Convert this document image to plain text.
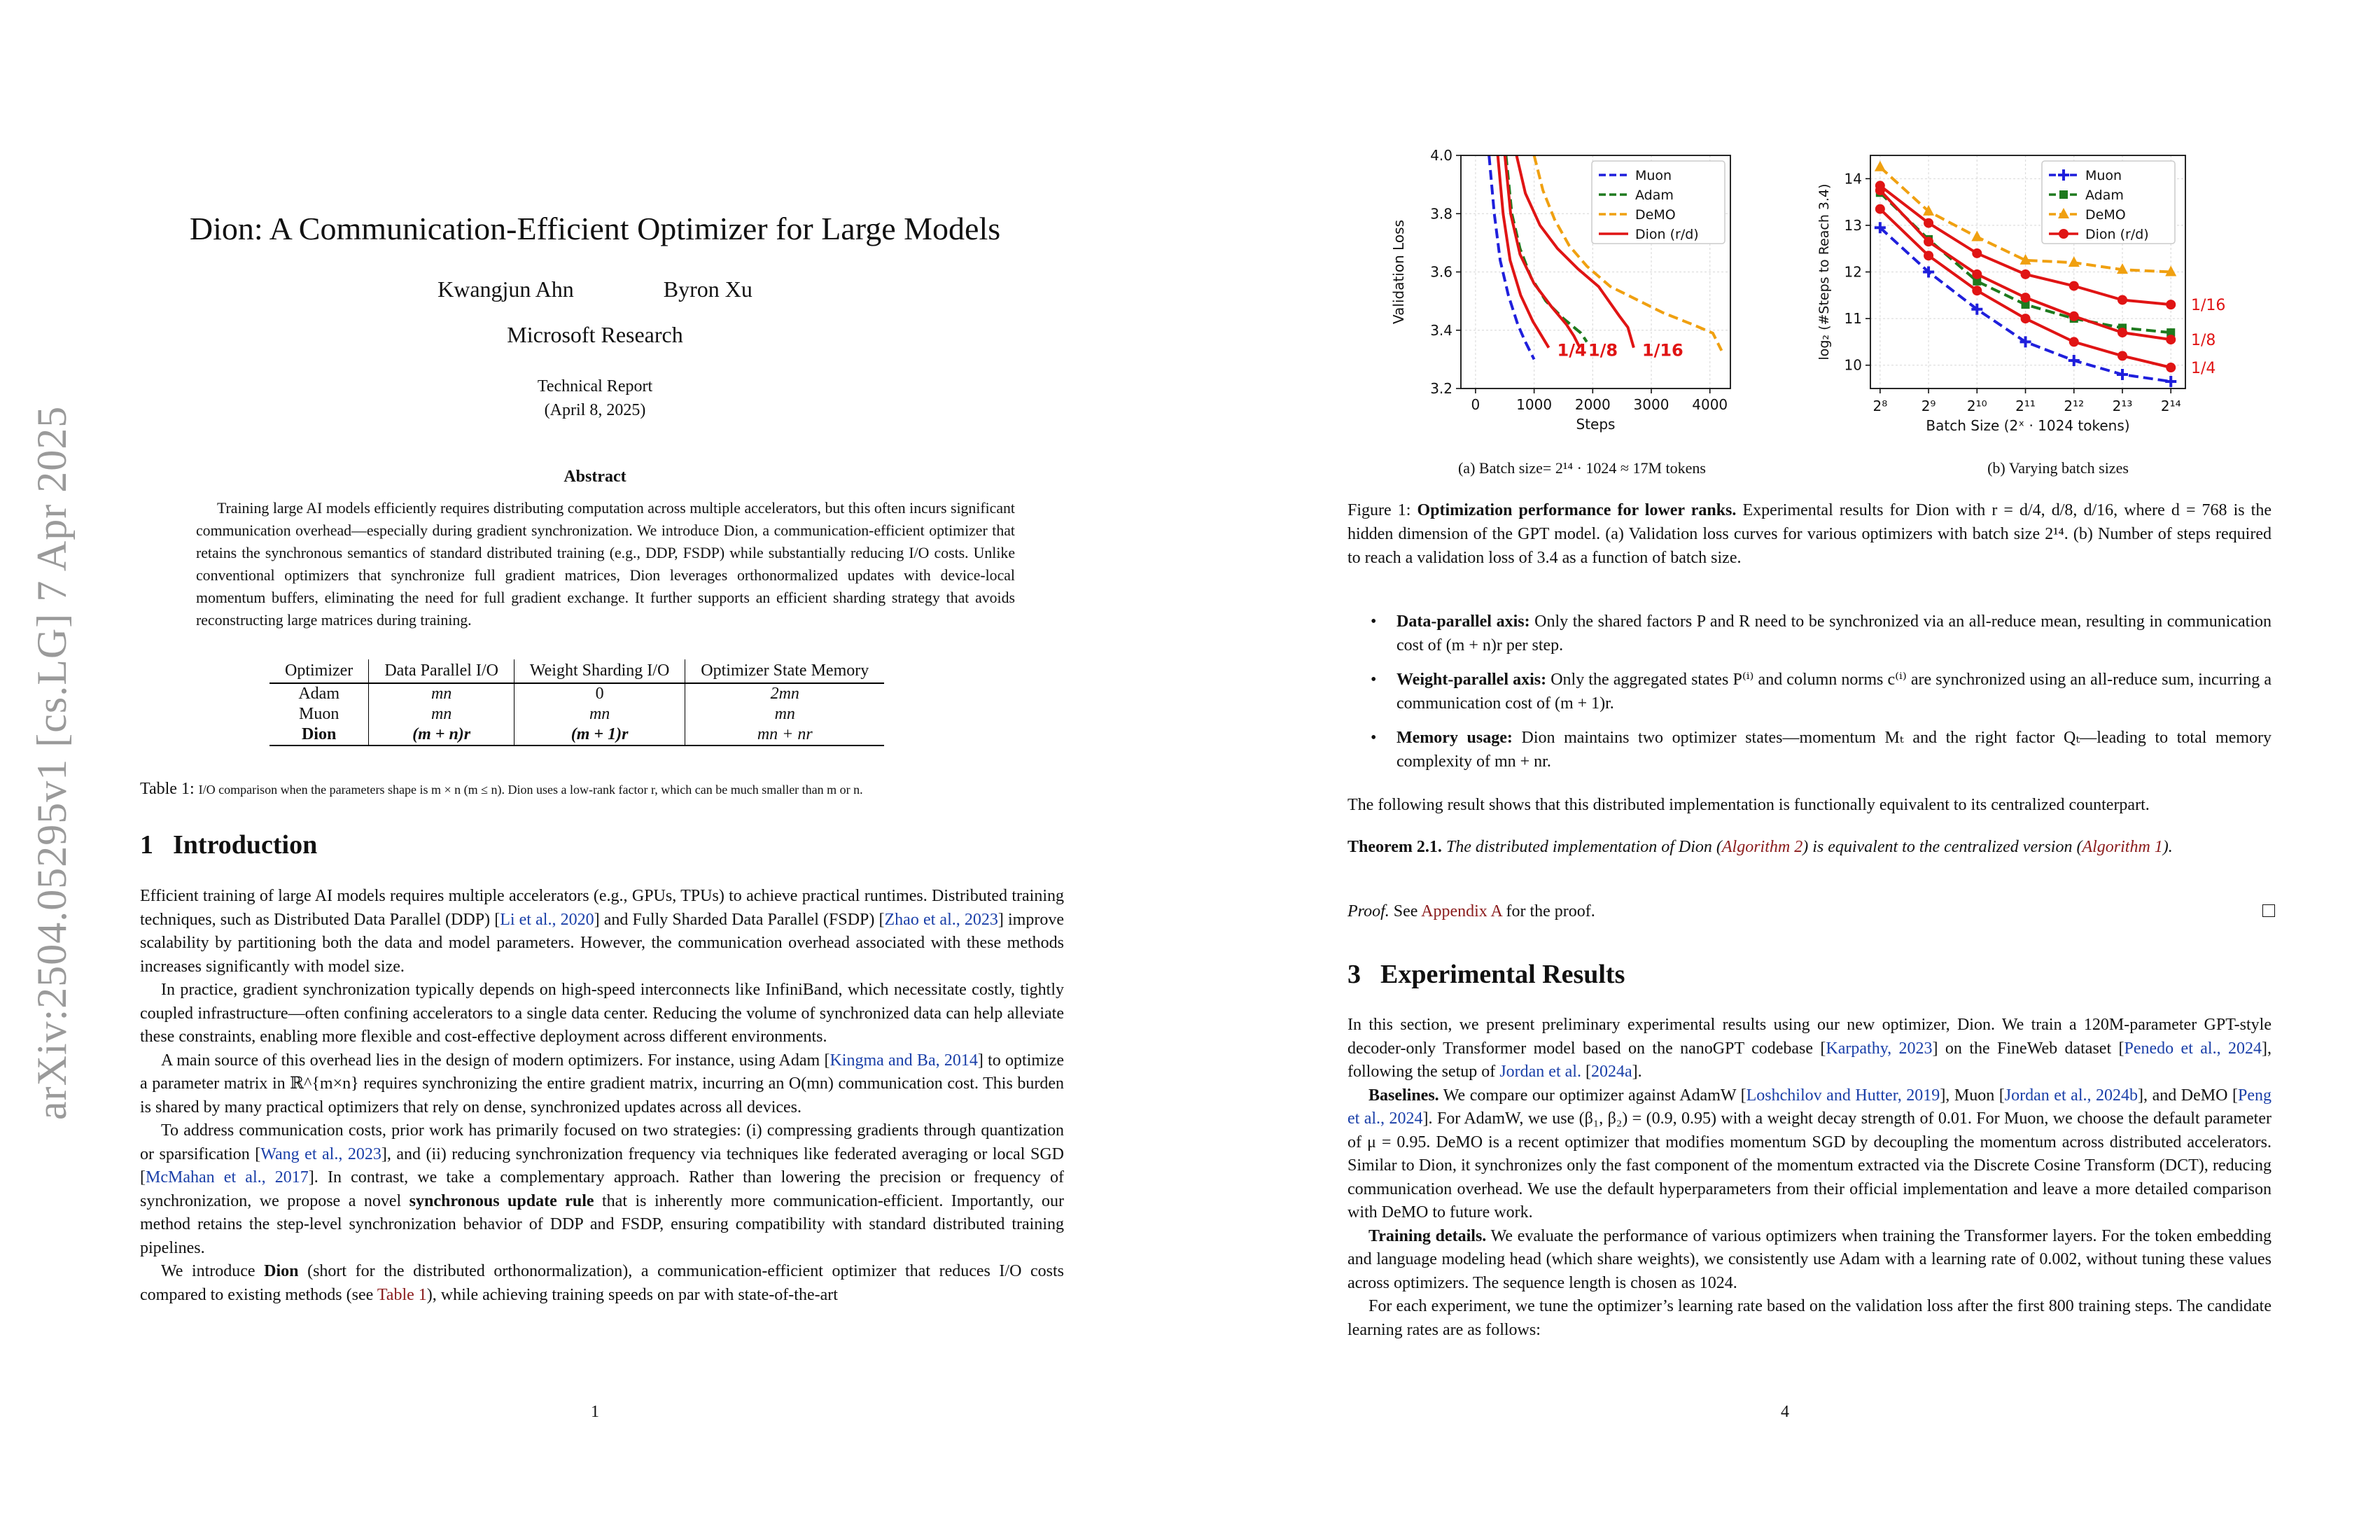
arXiv:2504.05295v1 [cs.LG] 7 Apr 2025
Dion: A Communication-Efficient Optimizer for Large Models
Kwangjun Ahn	Byron Xu
Microsoft Research
Technical Report
(April 8, 2025)
Abstract
Training large AI models efficiently requires distributing computation across multiple accelerators, but this often incurs significant communication overhead—especially during gradient synchronization. We introduce Dion, a communication-efficient optimizer that retains the synchronous semantics of standard distributed training (e.g., DDP, FSDP) while substantially reducing I/O costs. Unlike conventional optimizers that synchronize full gradient matrices, Dion leverages orthonormalized updates with device-local momentum buffers, eliminating the need for full gradient exchange. It further supports an efficient sharding strategy that avoids reconstructing large matrices during training.
Optimizer	Data Parallel I/O	Weight Sharding I/O	Optimizer State Memory
Adam	mn	0	2mn
Muon	mn	mn	mn
Dion	(m + n)r	(m + 1)r	mn + nr
Table 1: I/O comparison when the parameters shape is m × n (m ≤ n). Dion uses a low-rank factor r, which can be much smaller than m or n.
1 Introduction

Efficient training of large AI models requires multiple accelerators (e.g., GPUs, TPUs) to achieve practical runtimes. Distributed training techniques, such as Distributed Data Parallel (DDP) [Li et al., 2020] and Fully Sharded Data Parallel (FSDP) [Zhao et al., 2023] improve scalability by partitioning both the data and model parameters. However, the communication overhead associated with these methods increases significantly with model size.

In practice, gradient synchronization typically depends on high-speed interconnects like InfiniBand, which necessitate costly, tightly coupled infrastructure—often confining accelerators to a single data center. Reducing the volume of synchronized data can help alleviate these constraints, enabling more flexible and cost-effective deployment across different environments.

A main source of this overhead lies in the design of modern optimizers. For instance, using Adam [Kingma and Ba, 2014] to optimize a parameter matrix in ℝ^{m×n} requires synchronizing the entire gradient matrix, incurring an O(mn) communication cost. This burden is shared by many practical optimizers that rely on dense, synchronized updates across all devices.

To address communication costs, prior work has primarily focused on two strategies: (i) compressing gradients through quantization or sparsification [Wang et al., 2023], and (ii) reducing synchronization frequency via techniques like federated averaging or local SGD [McMahan et al., 2017]. In contrast, we take a complementary approach. Rather than lowering the precision or frequency of synchronization, we propose a novel synchronous update rule that is inherently more communication-efficient. Importantly, our method retains the step-level synchronization behavior of DDP and FSDP, ensuring compatibility with standard distributed training pipelines.

We introduce Dion (short for the distributed orthonormalization), a communication-efficient optimizer that reduces I/O costs compared to existing methods (see Table 1), while achieving training speeds on par with state-of-the-art

1	4
1/4 1/8 1/16
0	1000 2000 3000 4000
3.2
3.4
3.6
3.8
4.0
Steps
Validation Loss
Muon
Adam
DeMO
Dion (r/d)
(a) Batch size= 2¹⁴ · 1024 ≈ 17M tokens
1/16
1/8
1/4
2⁸ 2⁹ 2¹⁰ 2¹¹ 2¹² 2¹³ 2¹⁴
10
11
12
13
14
Batch Size (2ˣ · 1024 tokens)
log₂ (#Steps to Reach 3.4)
Muon
Adam
DeMO
Dion (r/d)
(b) Varying batch sizes
Figure 1: Optimization performance for lower ranks. Experimental results for Dion with r = d/4, d/8, d/16, where d = 768 is the hidden dimension of the GPT model. (a) Validation loss curves for various optimizers with batch size 2¹⁴. (b) Number of steps required to reach a validation loss of 3.4 as a function of batch size.
• Data-parallel axis: Only the shared factors P and R need to be synchronized via an all-reduce mean, resulting in communication cost of (m + n)r per step.
• Weight-parallel axis: Only the aggregated states P⁽ⁱ⁾ and column norms c⁽ⁱ⁾ are synchronized using an all-reduce sum, incurring a communication cost of (m + 1)r.
• Memory usage: Dion maintains two optimizer states—momentum Mₜ and the right factor Qₜ—leading to total memory complexity of mn + nr.
The following result shows that this distributed implementation is functionally equivalent to its centralized counterpart.
Theorem 2.1. The distributed implementation of Dion (Algorithm 2) is equivalent to the centralized version (Algorithm 1).
Proof. See Appendix A for the proof.
3 Experimental Results

In this section, we present preliminary experimental results using our new optimizer, Dion. We train a 120M-parameter GPT-style decoder-only Transformer model based on the nanoGPT codebase [Karpathy, 2023] on the FineWeb dataset [Penedo et al., 2024], following the setup of Jordan et al. [2024a].

Baselines. We compare our optimizer against AdamW [Loshchilov and Hutter, 2019], Muon [Jordan et al., 2024b], and DeMO [Peng et al., 2024]. For AdamW, we use (β₁, β₂) = (0.9, 0.95) with a weight decay strength of 0.01. For Muon, we choose the default parameter of μ = 0.95. DeMO is a recent optimizer that modifies momentum SGD by decoupling the momentum across distributed accelerators. Similar to Dion, it synchronizes only the fast component of the momentum extracted via the Discrete Cosine Transform (DCT), reducing communication overhead. We use the default hyperparameters from their official implementation and leave a more detailed comparison with DeMO to future work.

Training details. We evaluate the performance of various optimizers when training the Transformer layers. For the token embedding and language modeling head (which share weights), we consistently use Adam with a learning rate of 0.002, without tuning these values across optimizers. The sequence length is chosen as 1024.

For each experiment, we tune the optimizer’s learning rate based on the validation loss after the first 800 training steps. The candidate learning rates are as follows:
